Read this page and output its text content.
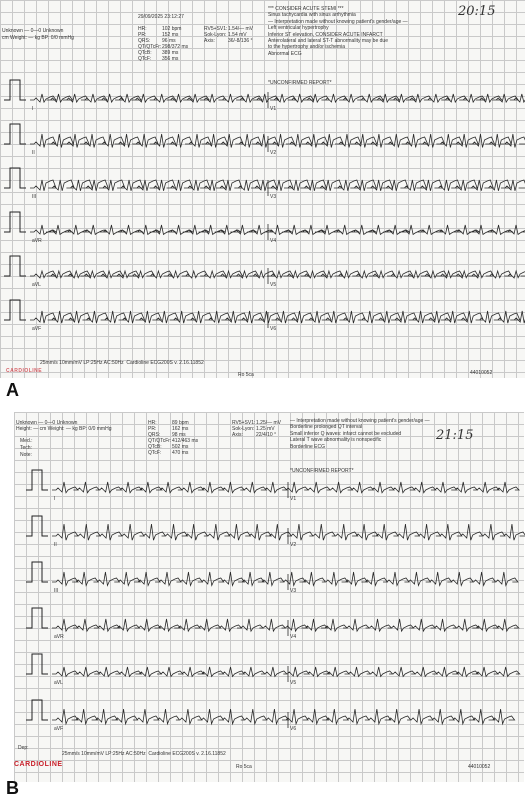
Unknown — 0—0 Unknown
cm Weight: — kg BP: 0/0 mmHg
29/09/2025 23:12:27
HR:	102 bpm
PR:	152 ms
QRS: 96 ms
QT/QTcFr:298/372 ms
QTcB: 389 ms
QTcF: 356 ms
RV5+SV1:1.54/— mV
Sok-Lyon: 1.54 mV
Axis:	36/-8/136 °
*** CONSIDER ACUTE STEMI ***
Sinus tachycardia with sinus arrhythmia
— Interpretation made without knowing patient's gender/age —
Left ventricular hypertrophy
Inferior ST elevation, CONSIDER ACUTE INFARCT
Anterolateral and lateral ST-T abnormality may be due
to the hypertrophy and/or ischemia
Abnormal ECG
*UNCONFIRMED REPORT*
20:15
I	V1
II	V2
III	V3
aVR	V4
aVL	V5
aVF	V6
25mm/s 10mm/mV LP:25Hz AC:50Hz  Cardioline ECG200S v. 2.16.11852
Ro 5ca	44010052
CARDIOLINE
A
Unknown — 0—0 Unknown
Height: — cm Weight: — kg BP: 0/0 mmHg
Med.:
Tech:
Note:
HR:	89 bpm
PR:	162 ms
QRS: 98 ms
QT/QTcFr:412/463 ms
QTcB: 502 ms
QTcF: 470 ms
RV5+SV1:1.25/— mV
Sok-Lyon: 1.25 mV
Axis:	22/4/10 °
— Interpretation made without knowing patient's gender/age —
Borderline prolonged QT interval
Small inferior Q waves: infarct cannot be excluded
Lateral T wave abnormality is nonspecific
Borderline ECG
*UNCONFIRMED REPORT*
21:15
I	V1
II	V2
III	V3
aVR	V4
aVL	V5
aVF	V6
Dep:
25mm/s 10mm/mV LP:25Hz AC:50Hz  Cardioline ECG200S v. 2.16.11852
Ro 5ca	44010052
CARDIOLINE
B
